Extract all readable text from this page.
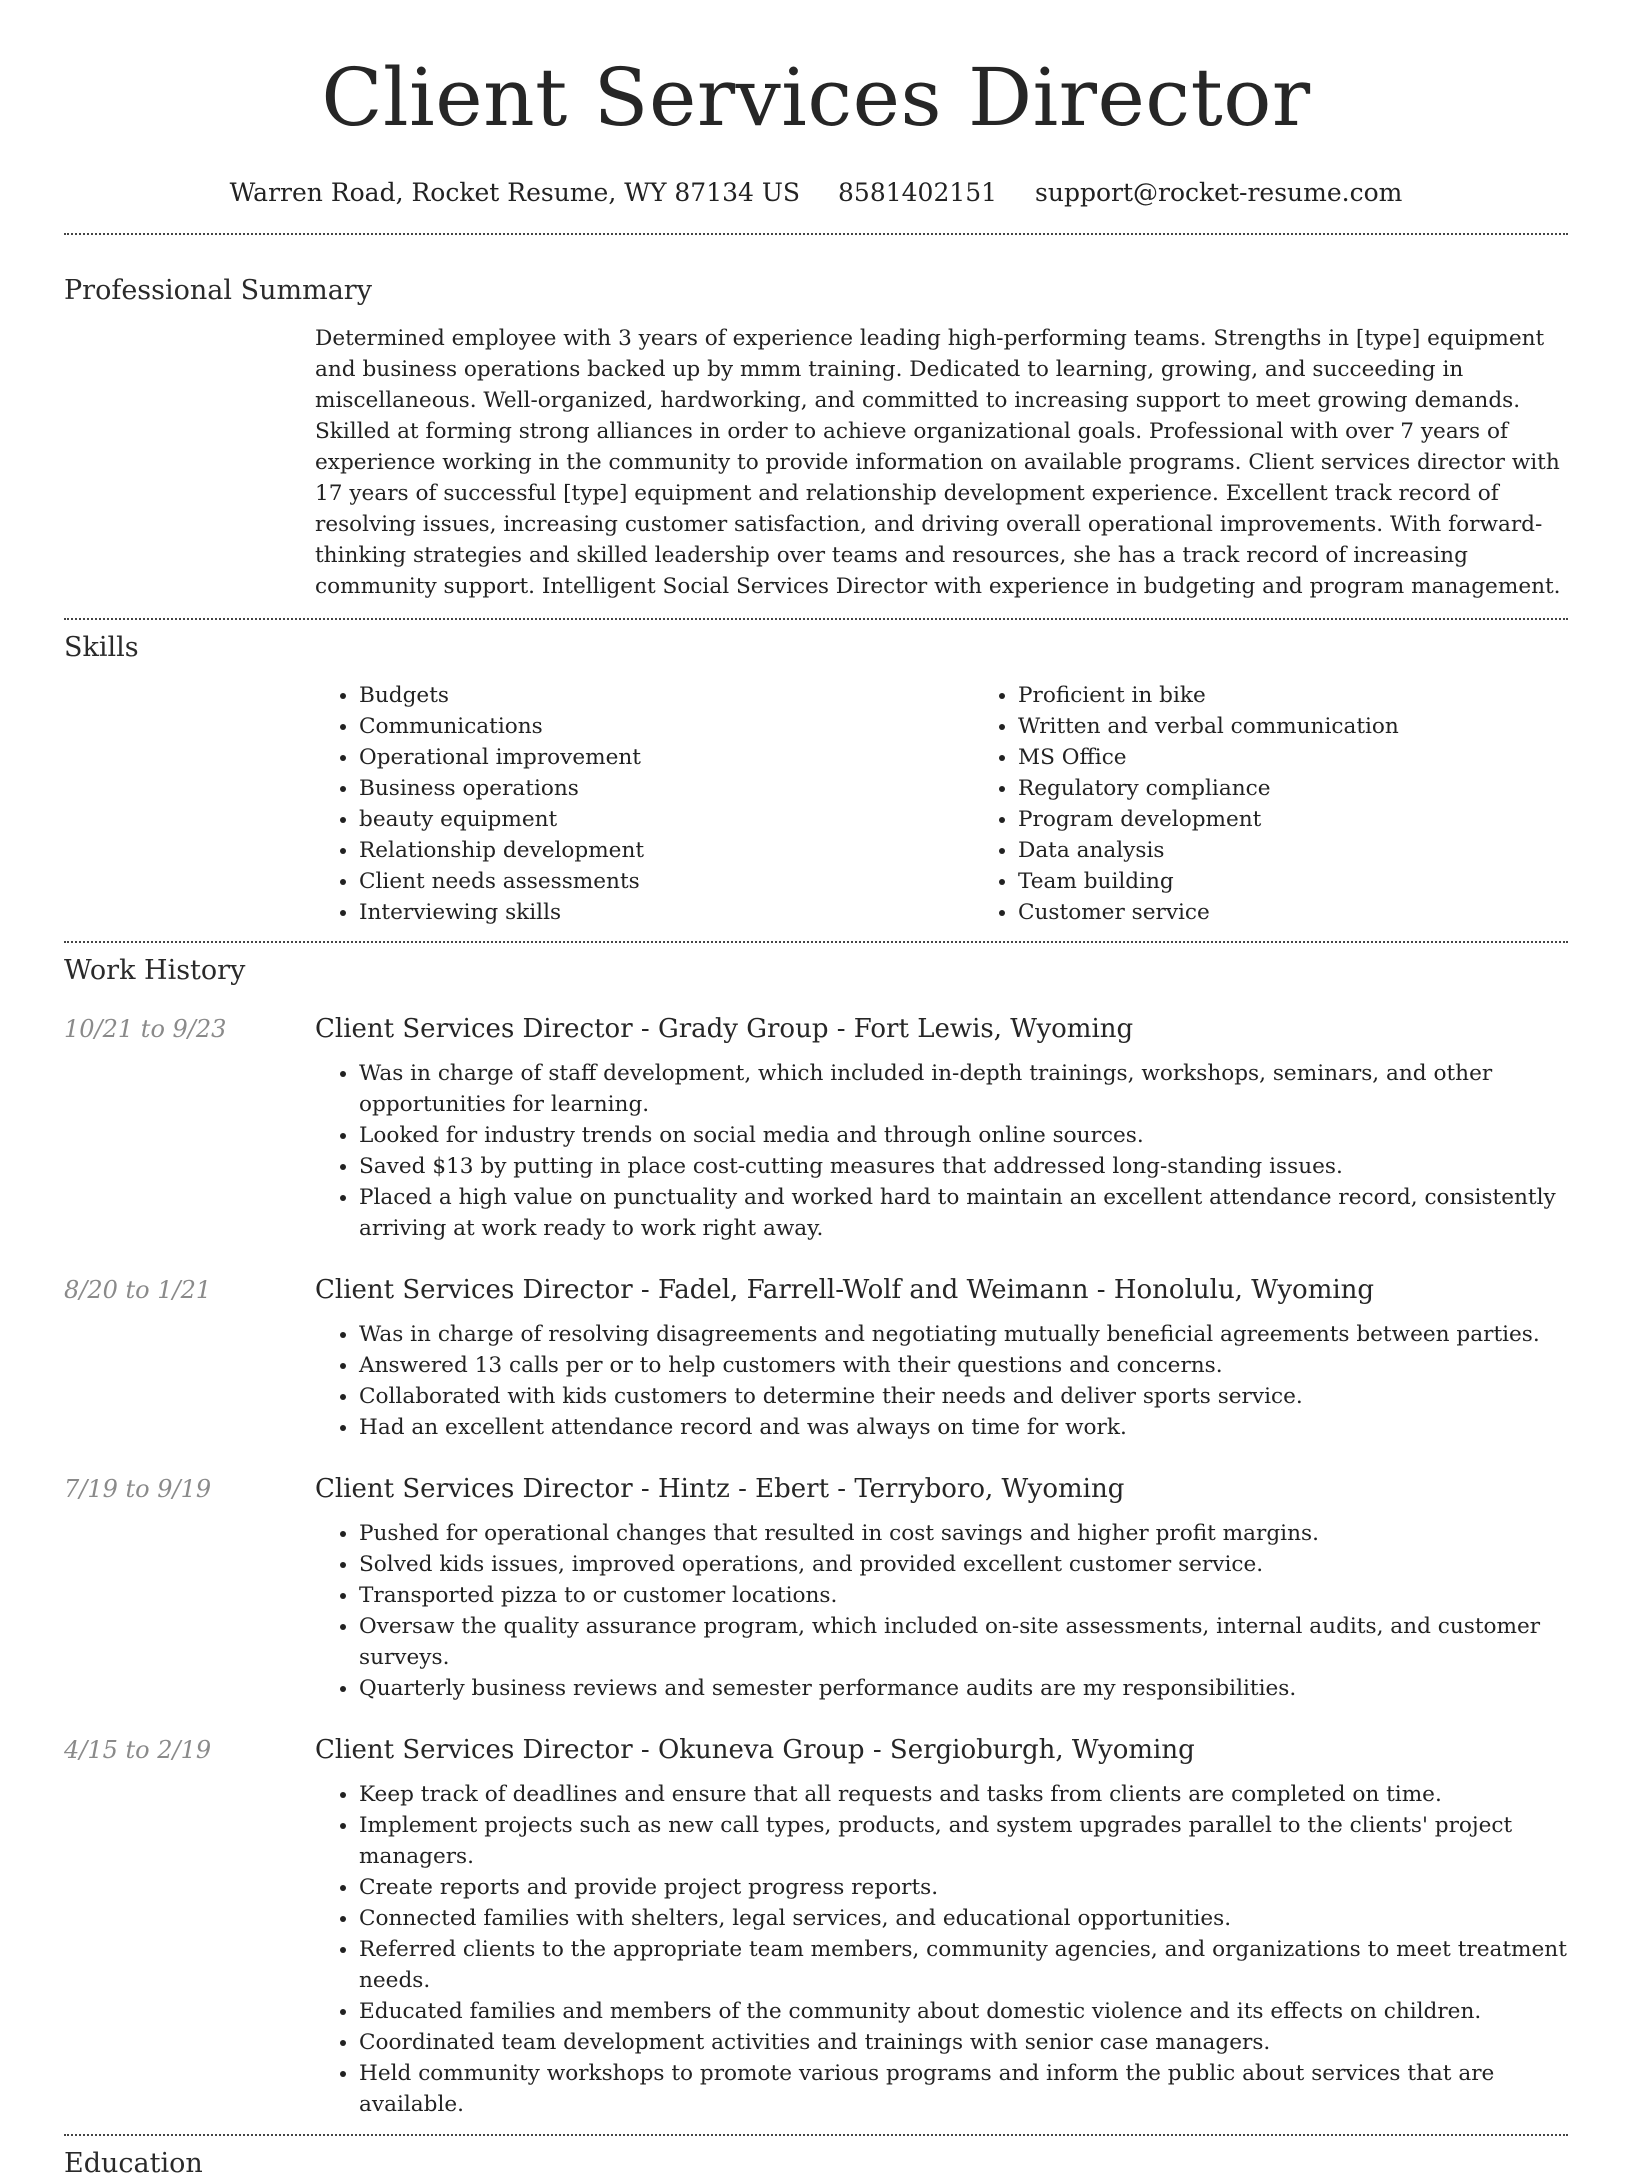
Client Services Director
Warren Road, Rocket Resume, WY 87134 US 8581402151 support@rocket-resume.com
Professional Summary

Determined employee with 3 years of experience leading high-performing teams. Strengths in [type] equipment and business operations backed up by mmm training. Dedicated to learning, growing, and succeeding in miscellaneous. Well-organized, hardworking, and committed to increasing support to meet growing demands. Skilled at forming strong alliances in order to achieve organizational goals. Professional with over 7 years of experience working in the community to provide information on available programs. Client services director with 17 years of successful [type] equipment and relationship development experience. Excellent track record of resolving issues, increasing customer satisfaction, and driving overall operational improvements. With forward-thinking strategies and skilled leadership over teams and resources, she has a track record of increasing community support. Intelligent Social Services Director with experience in budgeting and program management.

Skills
• Budgets
• Communications
• Operational improvement
• Business operations
• beauty equipment
• Relationship development
• Client needs assessments
• Interviewing skills
• Proficient in bike
• Written and verbal communication
• MS Office
• Regulatory compliance
• Program development
• Data analysis
• Team building
• Customer service
Work History
10/21 to 9/23	Client Services Director - Grady Group - Fort Lewis, Wyoming
• Was in charge of staff development, which included in-depth trainings, workshops, seminars, and other opportunities for learning.
• Looked for industry trends on social media and through online sources.
• Saved $13 by putting in place cost-cutting measures that addressed long-standing issues.
• Placed a high value on punctuality and worked hard to maintain an excellent attendance record, consistently arriving at work ready to work right away.
8/20 to 1/21	Client Services Director - Fadel, Farrell-Wolf and Weimann - Honolulu, Wyoming
• Was in charge of resolving disagreements and negotiating mutually beneficial agreements between parties.
• Answered 13 calls per or to help customers with their questions and concerns.
• Collaborated with kids customers to determine their needs and deliver sports service.
• Had an excellent attendance record and was always on time for work.
7/19 to 9/19	Client Services Director - Hintz - Ebert - Terryboro, Wyoming
• Pushed for operational changes that resulted in cost savings and higher profit margins.
• Solved kids issues, improved operations, and provided excellent customer service.
• Transported pizza to or customer locations.
• Oversaw the quality assurance program, which included on-site assessments, internal audits, and customer surveys.
• Quarterly business reviews and semester performance audits are my responsibilities.
4/15 to 2/19	Client Services Director - Okuneva Group - Sergioburgh, Wyoming
• Keep track of deadlines and ensure that all requests and tasks from clients are completed on time.
• Implement projects such as new call types, products, and system upgrades parallel to the clients' project managers.
• Create reports and provide project progress reports.
• Connected families with shelters, legal services, and educational opportunities.
• Referred clients to the appropriate team members, community agencies, and organizations to meet treatment needs.
• Educated families and members of the community about domestic violence and its effects on children.
• Coordinated team development activities and trainings with senior case managers.
• Held community workshops to promote various programs and inform the public about services that are available.
Education
